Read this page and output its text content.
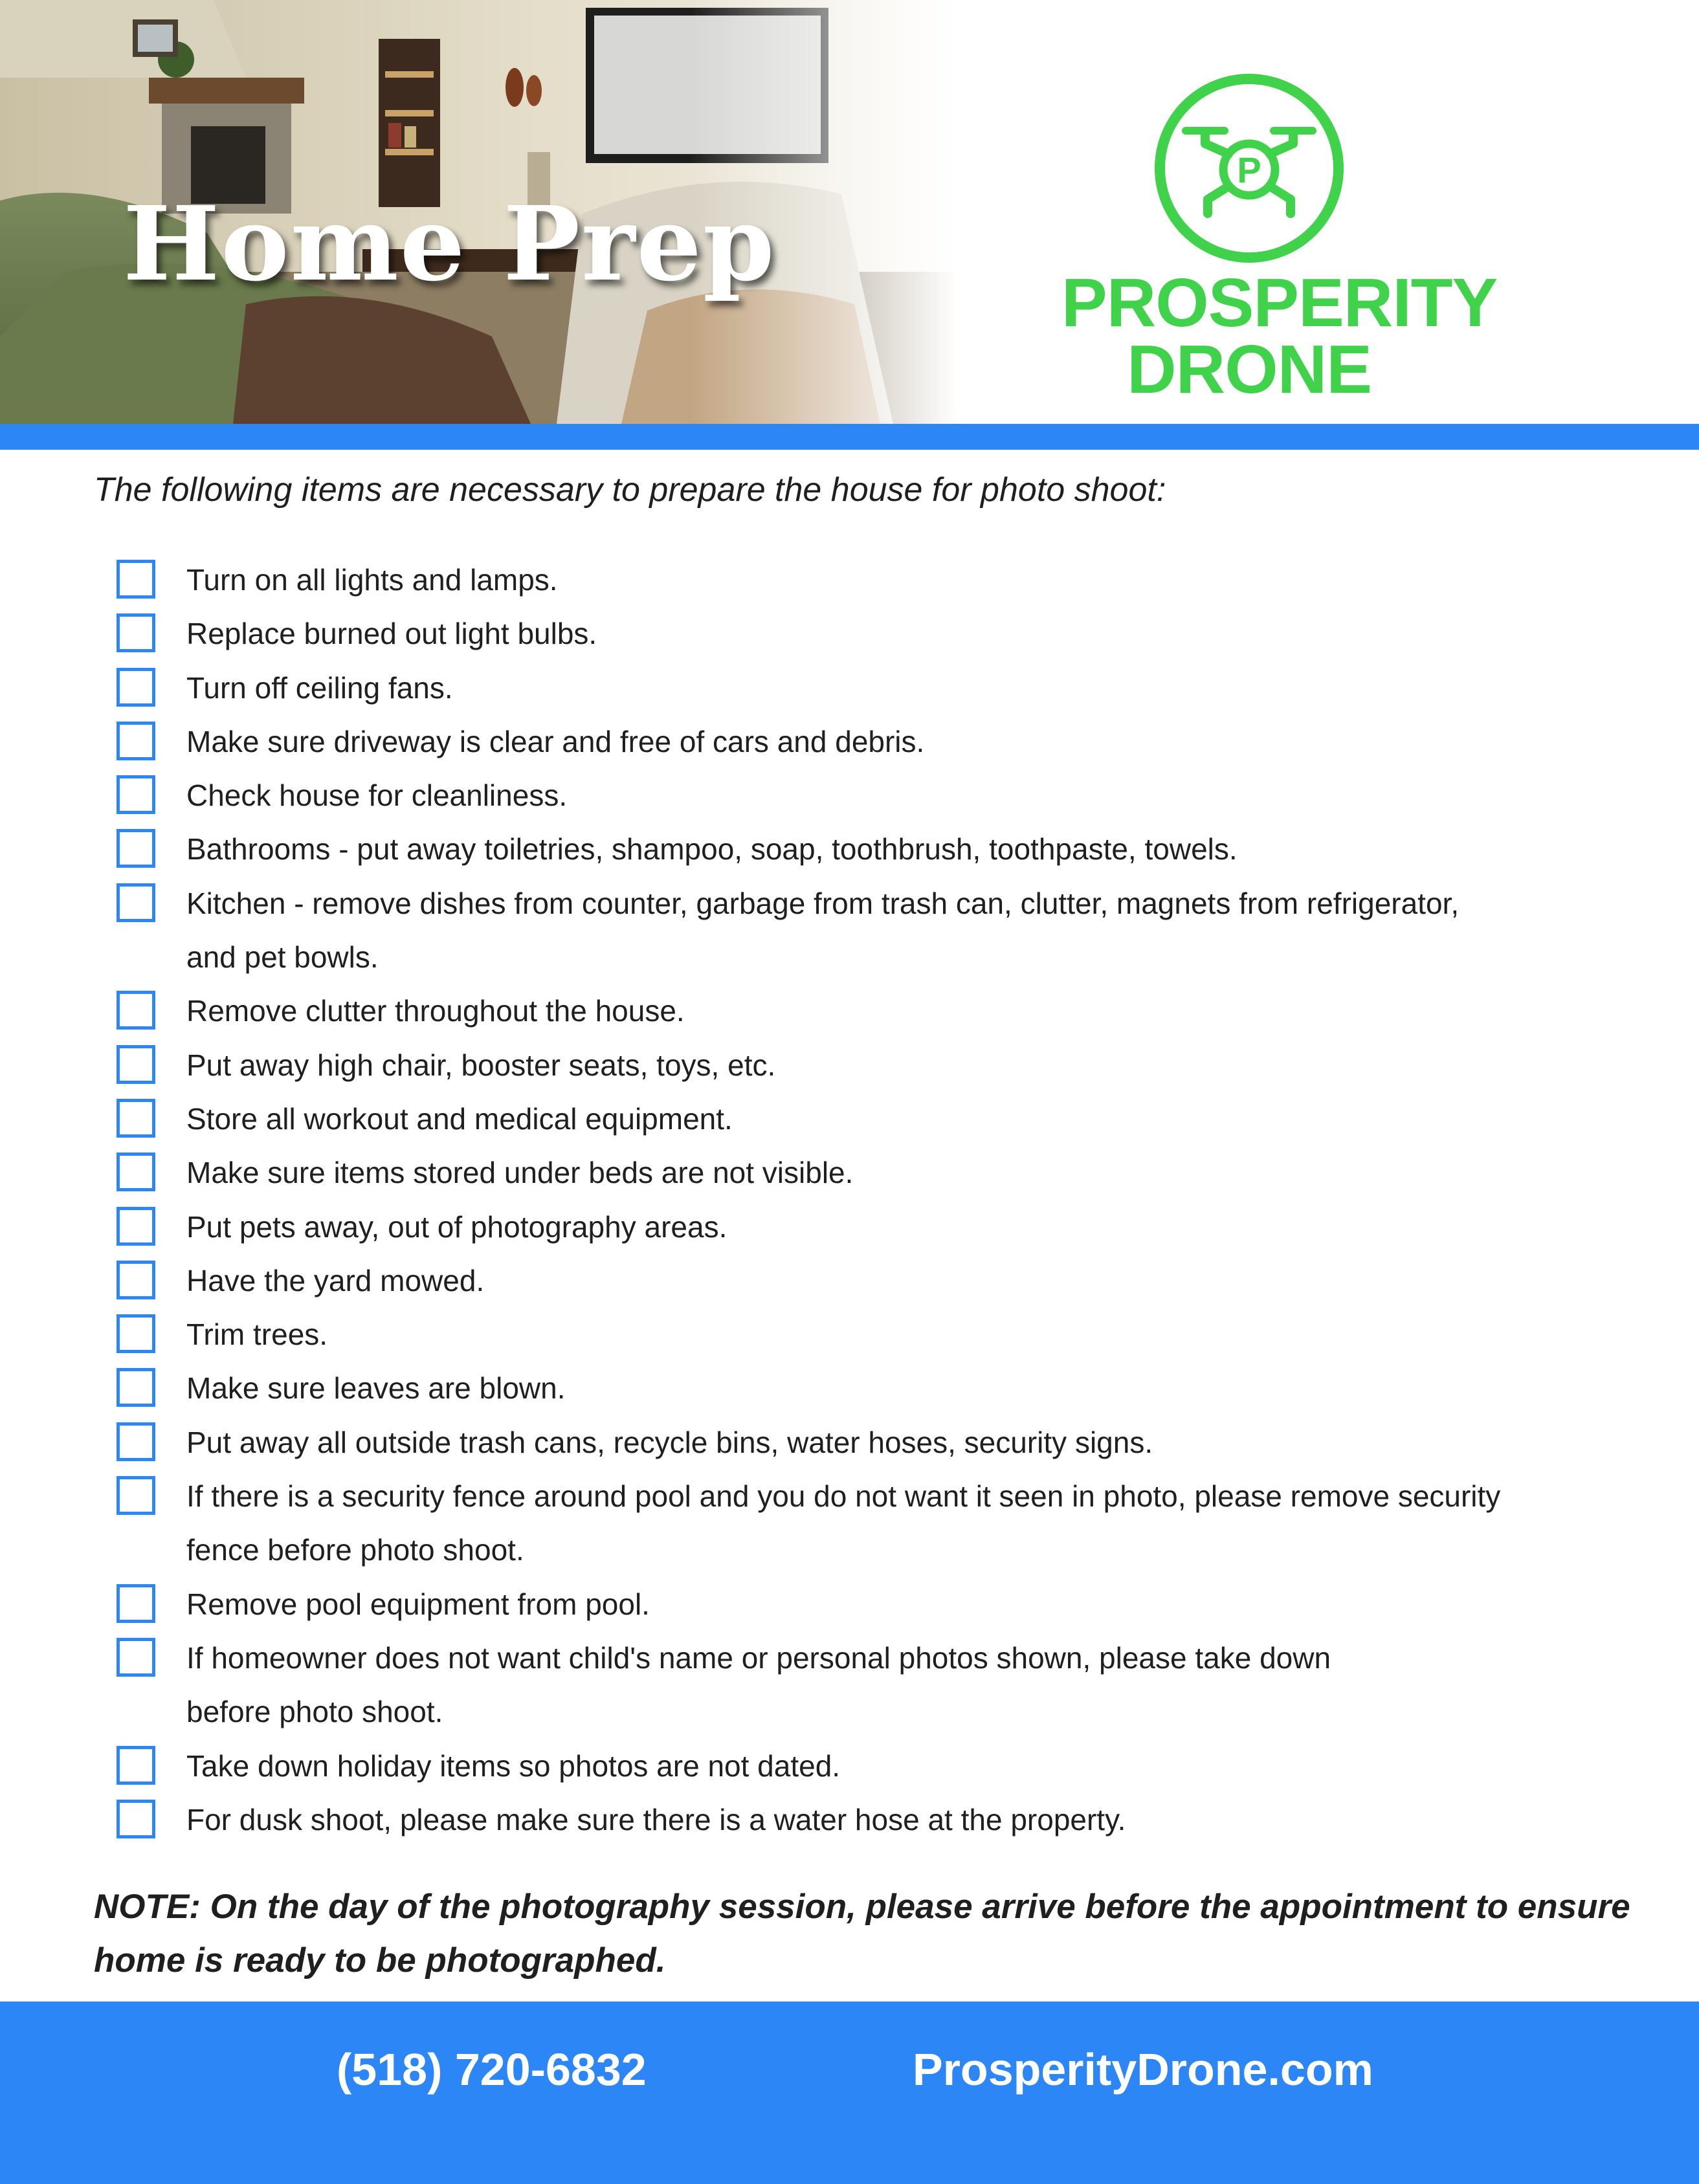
Home Prep
P
PROSPERITY
DRONE
The following items are necessary to prepare the house for photo shoot:
Turn on all lights and lamps.
Replace burned out light bulbs.
Turn off ceiling fans.
Make sure driveway is clear and free of cars and debris.
Check house for cleanliness.
Bathrooms - put away toiletries, shampoo, soap, toothbrush, toothpaste, towels.
Kitchen - remove dishes from counter, garbage from trash can, clutter, magnets from refrigerator,
and pet bowls.
Remove clutter throughout the house.
Put away high chair, booster seats, toys, etc.
Store all workout and medical equipment.
Make sure items stored under beds are not visible.
Put pets away, out of photography areas.
Have the yard mowed.
Trim trees.
Make sure leaves are blown.
Put away all outside trash cans, recycle bins, water hoses, security signs.
If there is a security fence around pool and you do not want it seen in photo, please remove security
fence before photo shoot.
Remove pool equipment from pool.
If homeowner does not want child's name or personal photos shown, please take down
before photo shoot.
Take down holiday items so photos are not dated.
For dusk shoot, please make sure there is a water hose at the property.
NOTE: On the day of the photography session, please arrive before the appointment to ensure
home is ready to be photographed.
(518) 720-6832	ProsperityDrone.com
